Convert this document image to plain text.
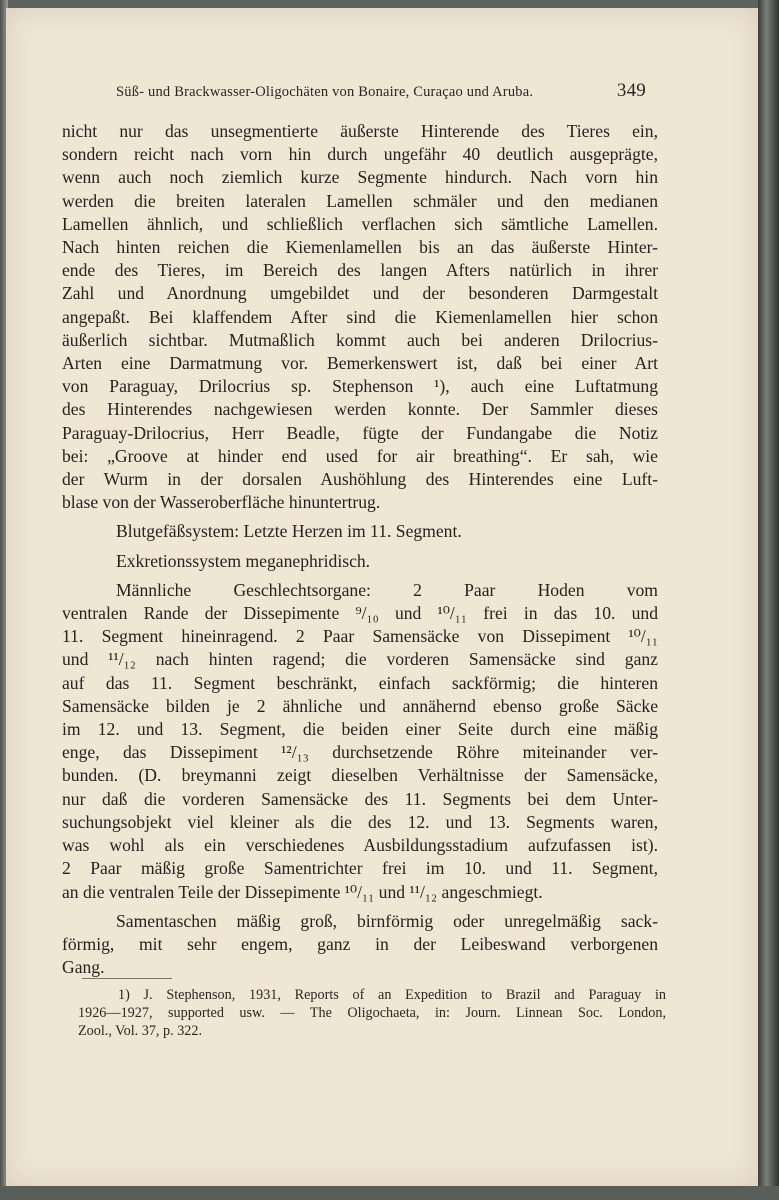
Süß- und Brackwasser-Oligochäten von Bonaire, Curaçao und Aruba.	349
nicht nur das unsegmentierte äußerste Hinterende des Tieres ein,
sondern reicht nach vorn hin durch ungefähr 40 deutlich ausgeprägte,
wenn auch noch ziemlich kurze Segmente hindurch. Nach vorn hin
werden die breiten lateralen Lamellen schmäler und den medianen
Lamellen ähnlich, und schließlich verflachen sich sämtliche Lamellen.
Nach hinten reichen die Kiemenlamellen bis an das äußerste Hinter-
ende des Tieres, im Bereich des langen Afters natürlich in ihrer
Zahl und Anordnung umgebildet und der besonderen Darmgestalt
angepaßt. Bei klaffendem After sind die Kiemenlamellen hier schon
äußerlich sichtbar. Mutmaßlich kommt auch bei anderen Drilocrius-
Arten eine Darmatmung vor. Bemerkenswert ist, daß bei einer Art
von Paraguay, Drilocrius sp. Stephenson ¹), auch eine Luftatmung
des Hinterendes nachgewiesen werden konnte. Der Sammler dieses
Paraguay-Drilocrius, Herr Beadle, fügte der Fundangabe die Notiz
bei: „Groove at hinder end used for air breathing“. Er sah, wie
der Wurm in der dorsalen Aushöhlung des Hinterendes eine Luft-
blase von der Wasseroberfläche hinuntertrug.
Blutgefäßsystem: Letzte Herzen im 11. Segment.
Exkretionssystem meganephridisch.
Männliche Geschlechtsorgane: 2 Paar Hoden vom
ventralen Rande der Dissepimente ⁹/₁₀ und ¹⁰/₁₁ frei in das 10. und
11. Segment hineinragend. 2 Paar Samensäcke von Dissepiment ¹⁰/₁₁
und ¹¹/₁₂ nach hinten ragend; die vorderen Samensäcke sind ganz
auf das 11. Segment beschränkt, einfach sackförmig; die hinteren
Samensäcke bilden je 2 ähnliche und annähernd ebenso große Säcke
im 12. und 13. Segment, die beiden einer Seite durch eine mäßig
enge, das Dissepiment ¹²/₁₃ durchsetzende Röhre miteinander ver-
bunden. (D. breymanni zeigt dieselben Verhältnisse der Samensäcke,
nur daß die vorderen Samensäcke des 11. Segments bei dem Unter-
suchungsobjekt viel kleiner als die des 12. und 13. Segments waren,
was wohl als ein verschiedenes Ausbildungsstadium aufzufassen ist).
2 Paar mäßig große Samentrichter frei im 10. und 11. Segment,
an die ventralen Teile der Dissepimente ¹⁰/₁₁ und ¹¹/₁₂ angeschmiegt.
Samentaschen mäßig groß, birnförmig oder unregelmäßig sack-
förmig, mit sehr engem, ganz in der Leibeswand verborgenen
Gang.
1) J. Stephenson, 1931, Reports of an Expedition to Brazil and Paraguay in
1926—1927, supported usw. — The Oligochaeta, in: Journ. Linnean Soc. London,
Zool., Vol. 37, p. 322.
